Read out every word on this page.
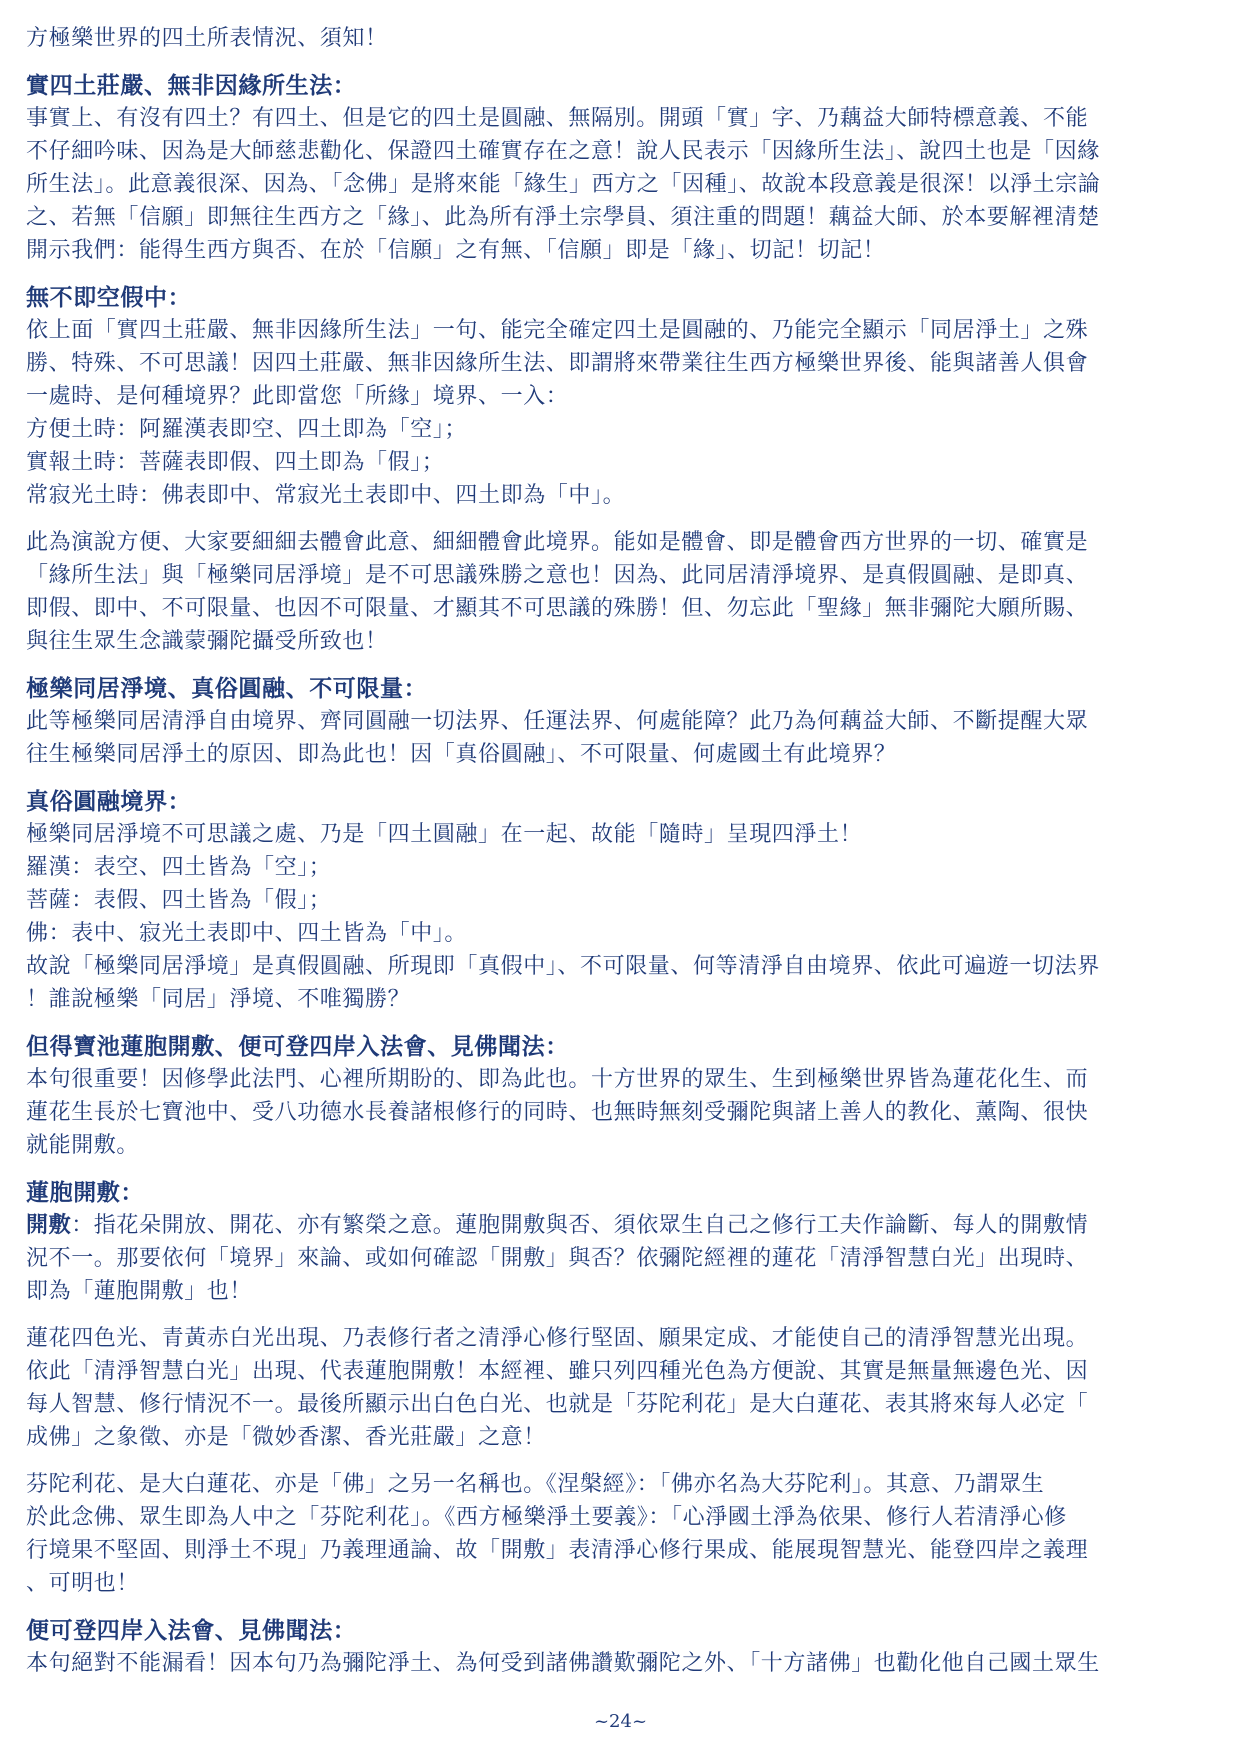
方極樂世界的四土所表情況、須知！

實四土莊嚴、無非因緣所生法：

事實上、有沒有四土？有四土、但是它的四土是圓融、無隔別。開頭「實」字、乃藕益大師特標意義、不能

不仔細吟味、因為是大師慈悲勸化、保證四土確實存在之意！說人民表示「因緣所生法」、說四土也是「因緣

所生法」。此意義很深、因為、「念佛」是將來能「緣生」西方之「因種」、故說本段意義是很深！以淨土宗論

之、若無「信願」即無往生西方之「緣」、此為所有淨土宗學員、須注重的問題！藕益大師、於本要解裡清楚

開示我們：能得生西方與否、在於「信願」之有無、「信願」即是「緣」、切記！切記！

無不即空假中：

依上面「實四土莊嚴、無非因緣所生法」一句、能完全確定四土是圓融的、乃能完全顯示「同居淨土」之殊

勝、特殊、不可思議！因四土莊嚴、無非因緣所生法、即謂將來帶業往生西方極樂世界後、能與諸善人俱會

一處時、是何種境界？此即當您「所緣」境界、一入：

方便土時：阿羅漢表即空、四土即為「空」；

實報土時：菩薩表即假、四土即為「假」；

常寂光土時：佛表即中、常寂光土表即中、四土即為「中」。

此為演說方便、大家要細細去體會此意、細細體會此境界。能如是體會、即是體會西方世界的一切、確實是

「緣所生法」與「極樂同居淨境」是不可思議殊勝之意也！因為、此同居清淨境界、是真假圓融、是即真、

即假、即中、不可限量、也因不可限量、才顯其不可思議的殊勝！但、勿忘此「聖緣」無非彌陀大願所賜、

與往生眾生念識蒙彌陀攝受所致也！

極樂同居淨境、真俗圓融、不可限量：

此等極樂同居清淨自由境界、齊同圓融一切法界、任運法界、何處能障？此乃為何藕益大師、不斷提醒大眾

往生極樂同居淨土的原因、即為此也！因「真俗圓融」、不可限量、何處國土有此境界？

真俗圓融境界：

極樂同居淨境不可思議之處、乃是「四土圓融」在一起、故能「隨時」呈現四淨土！

羅漢：表空、四土皆為「空」；

菩薩：表假、四土皆為「假」；

佛：表中、寂光土表即中、四土皆為「中」。

故說「極樂同居淨境」是真假圓融、所現即「真假中」、不可限量、何等清淨自由境界、依此可遍遊一切法界

！誰說極樂「同居」淨境、不唯獨勝？

但得寶池蓮胞開敷、便可登四岸入法會、見佛聞法：

本句很重要！因修學此法門、心裡所期盼的、即為此也。十方世界的眾生、生到極樂世界皆為蓮花化生、而

蓮花生長於七寶池中、受八功德水長養諸根修行的同時、也無時無刻受彌陀與諸上善人的教化、薰陶、很快

就能開敷。

蓮胞開敷：

開敷：指花朵開放、開花、亦有繁榮之意。蓮胞開敷與否、須依眾生自己之修行工夫作論斷、每人的開敷情

況不一。那要依何「境界」來論、或如何確認「開敷」與否？依彌陀經裡的蓮花「清淨智慧白光」出現時、

即為「蓮胞開敷」也！

蓮花四色光、青黃赤白光出現、乃表修行者之清淨心修行堅固、願果定成、才能使自己的清淨智慧光出現。

依此「清淨智慧白光」出現、代表蓮胞開敷！本經裡、雖只列四種光色為方便說、其實是無量無邊色光、因

每人智慧、修行情況不一。最後所顯示出白色白光、也就是「芬陀利花」是大白蓮花、表其將來每人必定「

成佛」之象徵、亦是「微妙香潔、香光莊嚴」之意！

芬陀利花、是大白蓮花、亦是「佛」之另一名稱也。《涅槃經》：「佛亦名為大芬陀利」。其意、乃謂眾生

於此念佛、眾生即為人中之「芬陀利花」。《西方極樂淨土要義》：「心淨國土淨為依果、修行人若清淨心修

行境果不堅固、則淨土不現」乃義理通論、故「開敷」表清淨心修行果成、能展現智慧光、能登四岸之義理

、可明也！

便可登四岸入法會、見佛聞法：

本句絕對不能漏看！因本句乃為彌陀淨土、為何受到諸佛讚歎彌陀之外、「十方諸佛」也勸化他自己國土眾生

~24~
